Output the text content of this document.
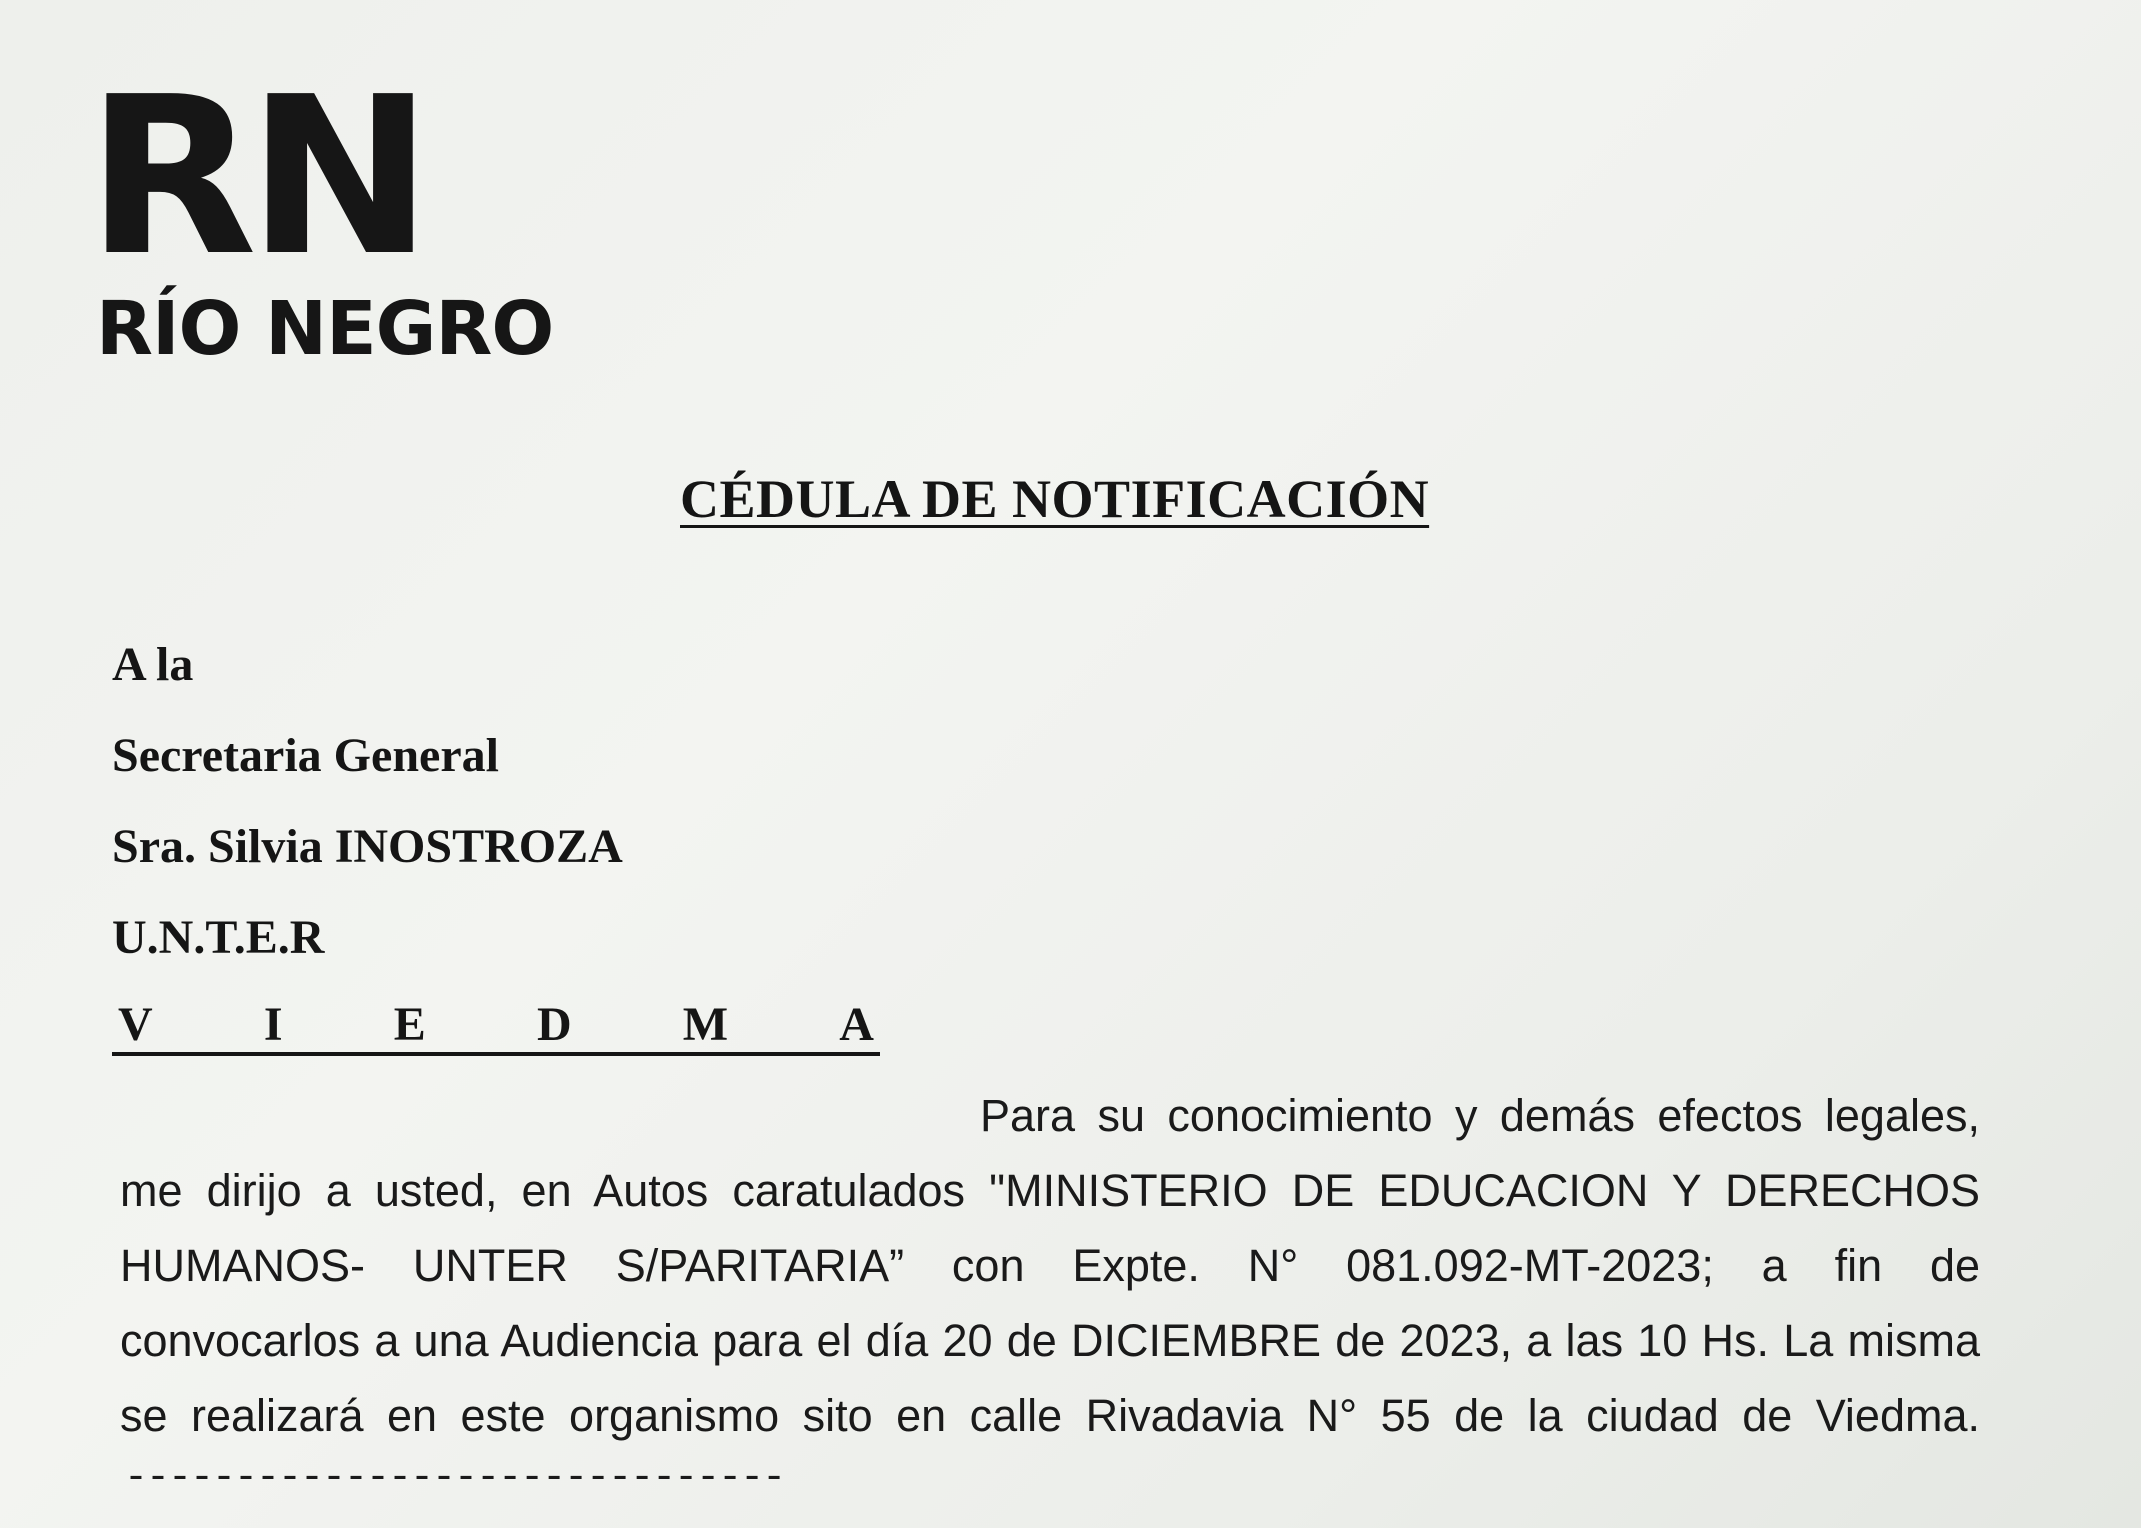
RN
RÍO NEGRO
CÉDULA DE NOTIFICACIÓN
A la
Secretaria General
Sra. Silvia INOSTROZA
U.N.T.E.R
V I E D M A
Para su conocimiento y demás efectos legales,
me dirijo a usted, en Autos caratulados "MINISTERIO DE EDUCACION Y DERECHOS
HUMANOS- UNTER S/PARITARIA” con Expte. N° 081.092-MT-2023; a fin de
convocarlos a una Audiencia para el día 20 de DICIEMBRE de 2023, a las 10 Hs. La misma
se realizará en este organismo sito en calle Rivadavia N° 55 de la ciudad de Viedma.
------------------------------
